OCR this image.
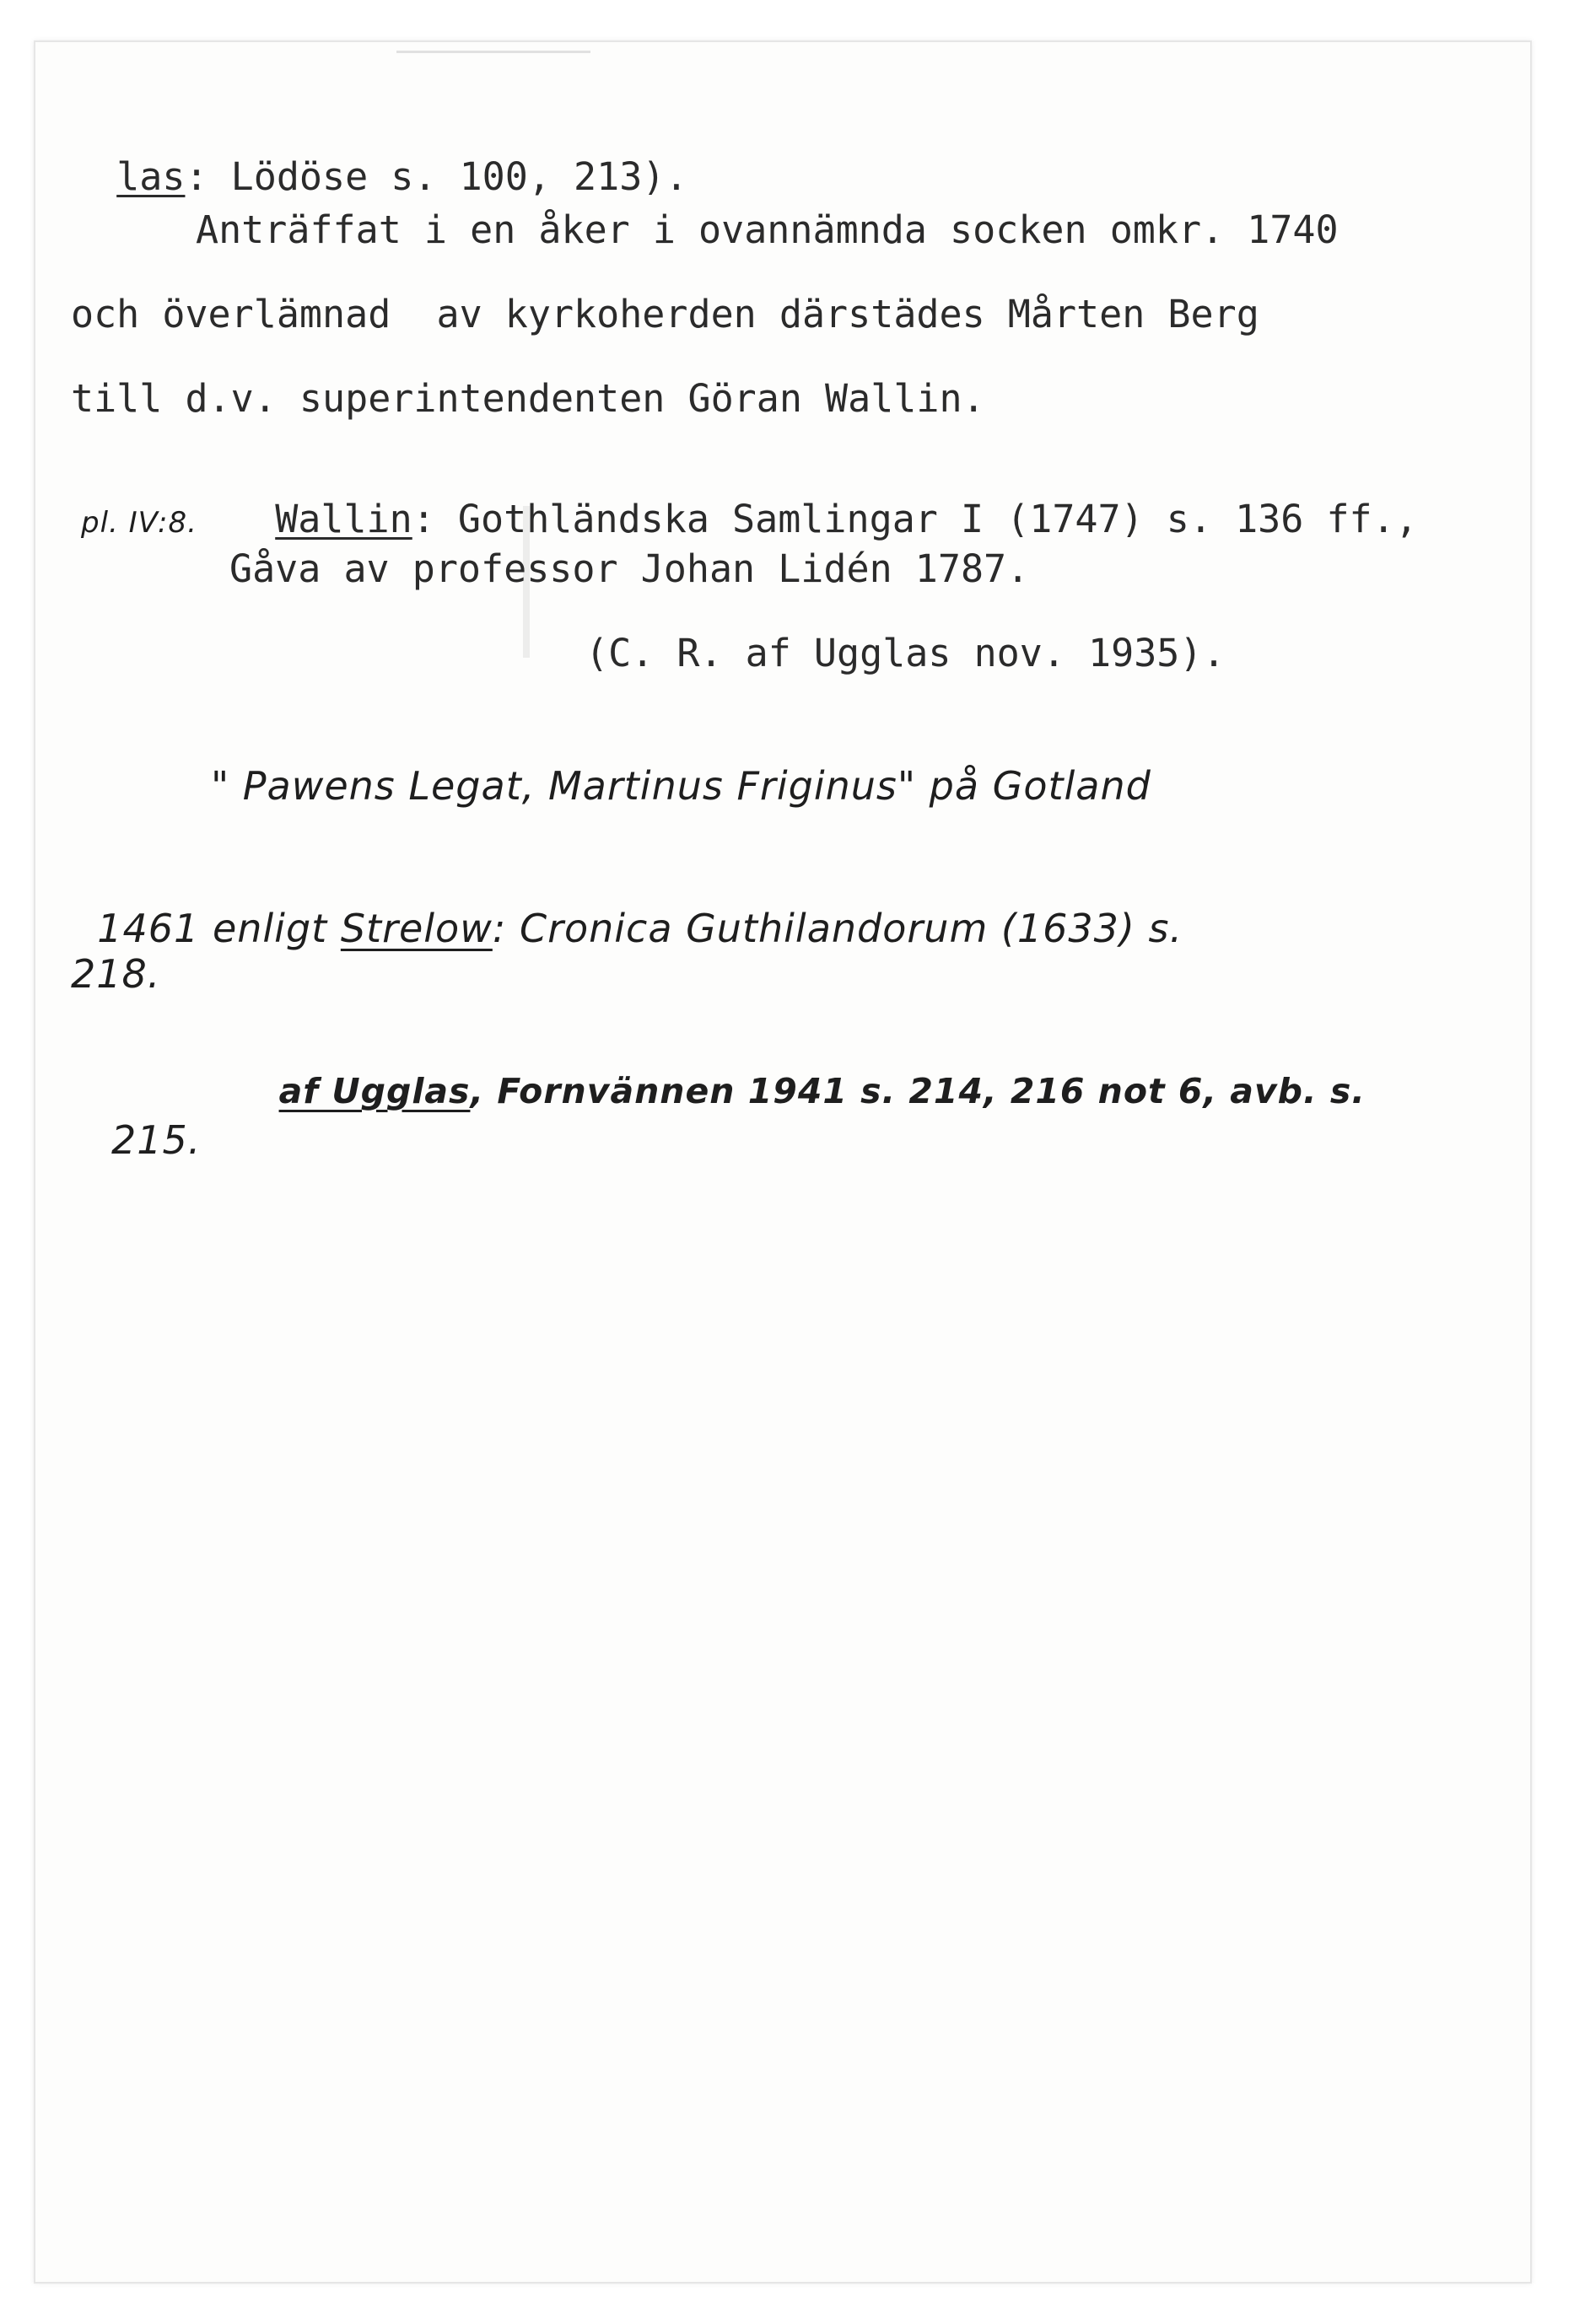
las: Lödöse s. 100, 213).

Anträffat i en åker i ovannämnda socken omkr. 1740
och överlämnad  av kyrkoherden därstädes Mårten Berg
till d.v. superintendenten Göran Wallin.

Wallin: Gothländska Samlingar I (1747) s. 136 ff.,

pl. IV:8.
Gåva av professor Johan Lidén 1787.
(C. R. af Ugglas nov. 1935).
" Pawens Legat, Martinus Friginus" på Gotland

1461 enligt Strelow: Cronica Guthilandorum (1633) s.

218.

af Ugglas, Fornvännen 1941 s. 214, 216 not 6, avb. s.

215.
